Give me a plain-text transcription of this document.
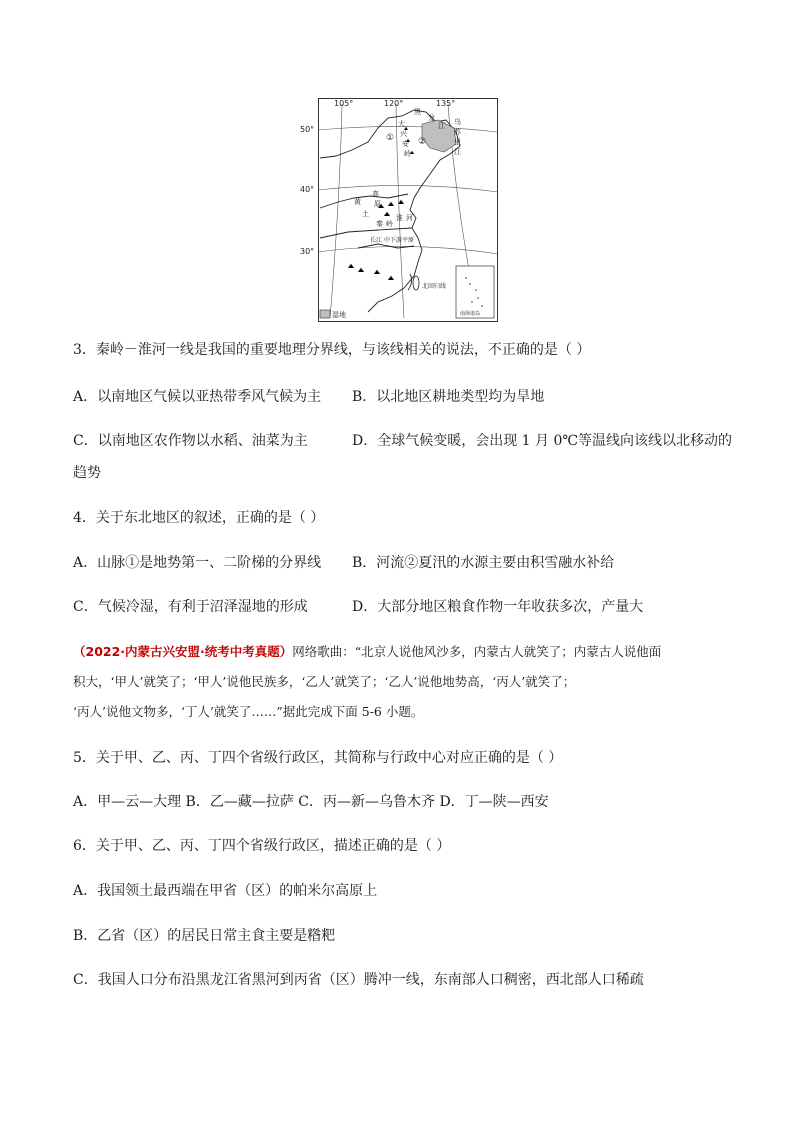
105°	120°	135°
50°
40°
30°
①	②
黑
龙
江
大
兴
安
岭
乌
苏
里
江
黄
土
高
原
秦 岭
淮 河
长江 中 下 游 平 原
湿地
北回归线
南海诸岛
3．秦岭－淮河一线是我国的重要地理分界线，与该线相关的说法，不正确的是（ ）
A．以南地区气候以亚热带季风气候为主 B．以北地区耕地类型均为旱地
C．以南地区农作物以水稻、油菜为主	D．全球气候变暖，会出现 1 月 0℃等温线向该线以北移动的
趋势
4．关于东北地区的叙述，正确的是（ ）
A．山脉①是地势第一、二阶梯的分界线 B．河流②夏汛的水源主要由积雪融水补给
C．气候冷湿，有利于沼泽湿地的形成	D．大部分地区粮食作物一年收获多次，产量大
（2022·内蒙古兴安盟·统考中考真题）网络歌曲：“北京人说他风沙多，内蒙古人就笑了；内蒙古人说他面
积大，‘甲人’就笑了；‘甲人’说他民族多，‘乙人’就笑了；‘乙人’说他地势高，‘丙人’就笑了；
‘丙人’说他文物多，‘丁人’就笑了……”据此完成下面 5-6 小题。
5．关于甲、乙、丙、丁四个省级行政区，其简称与行政中心对应正确的是（ ）
A．甲—云—大理 B．乙—藏—拉萨 C．丙—新—乌鲁木齐 D．丁—陕—西安
6．关于甲、乙、丙、丁四个省级行政区，描述正确的是（ ）
A．我国领土最西端在甲省（区）的帕米尔高原上
B．乙省（区）的居民日常主食主要是糌粑
C．我国人口分布沿黑龙江省黑河到丙省（区）腾冲一线，东南部人口稠密，西北部人口稀疏
